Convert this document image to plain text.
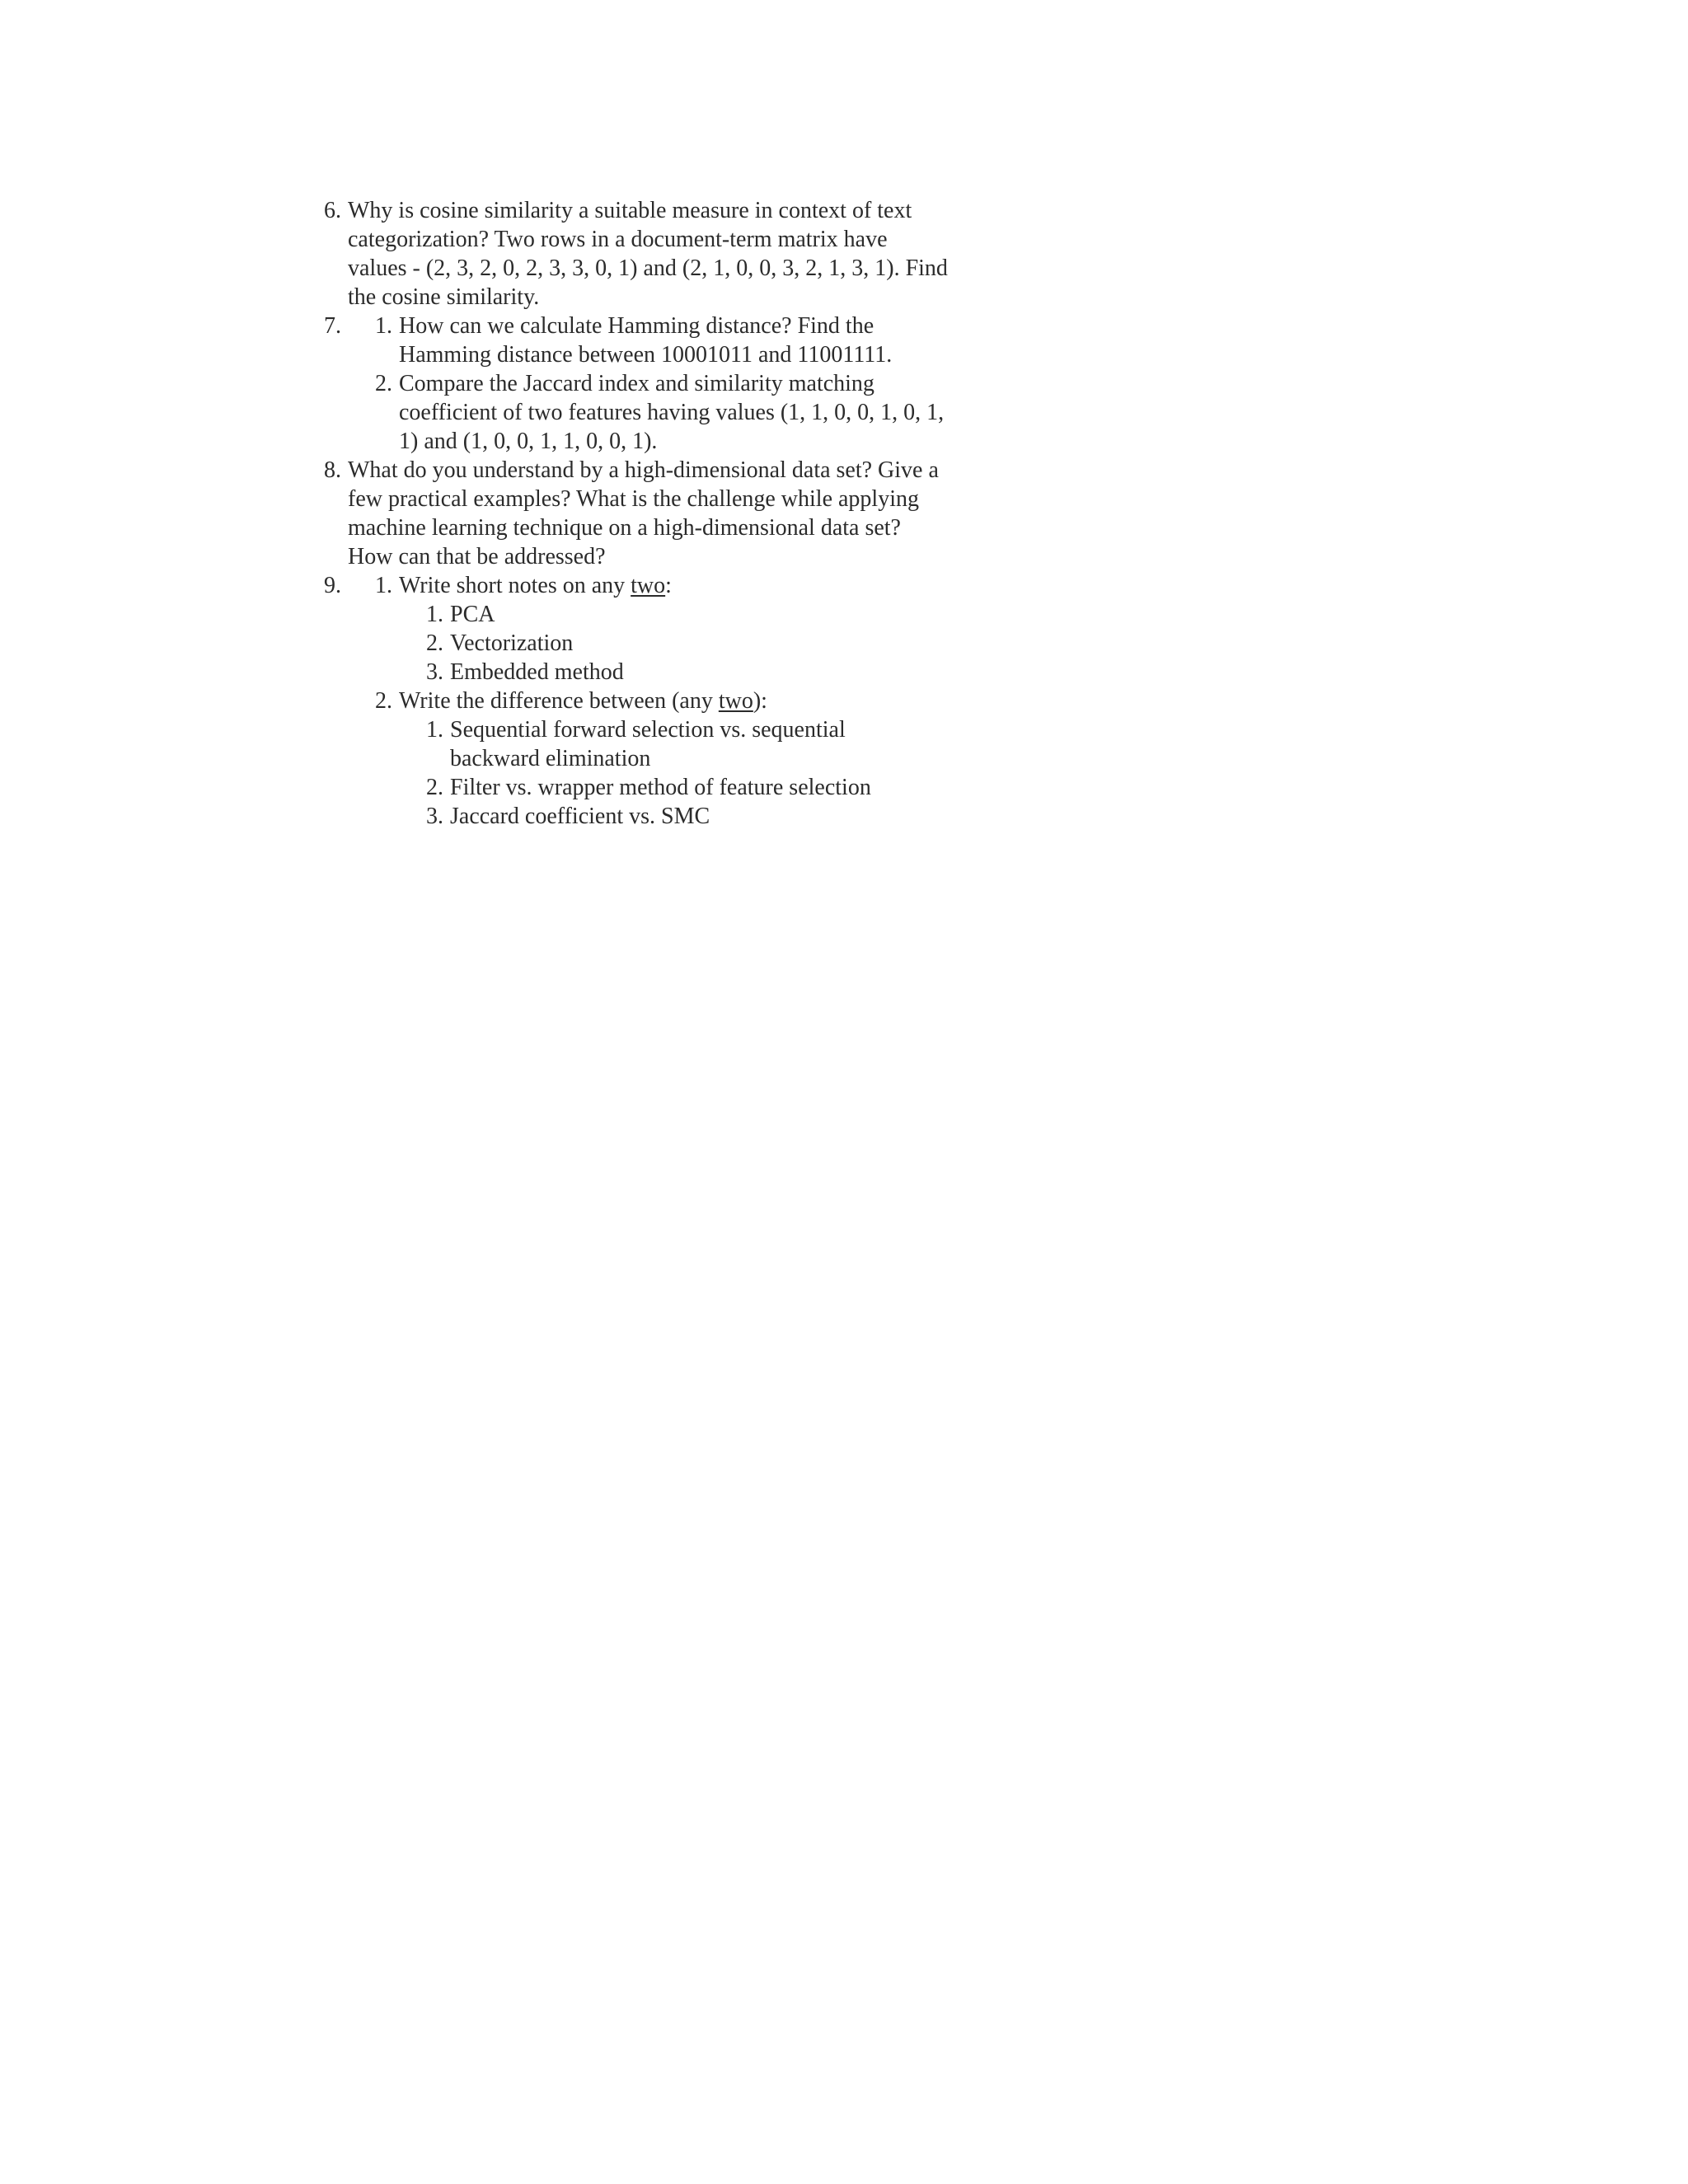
6. Why is cosine similarity a suitable measure in context of text
categorization? Two rows in a document-term matrix have
values - (2, 3, 2, 0, 2, 3, 3, 0, 1) and (2, 1, 0, 0, 3, 2, 1, 3, 1). Find
the cosine similarity.
7.	1. How can we calculate Hamming distance? Find the
Hamming distance between 10001011 and 11001111.
2. Compare the Jaccard index and similarity matching
coefficient of two features having values (1, 1, 0, 0, 1, 0, 1,
1) and (1, 0, 0, 1, 1, 0, 0, 1).
8. What do you understand by a high-dimensional data set? Give a
few practical examples? What is the challenge while applying
machine learning technique on a high-dimensional data set?
How can that be addressed?
9.	1. Write short notes on any two:
1. PCA
2. Vectorization
3. Embedded method
2. Write the difference between (any two):
1. Sequential forward selection vs. sequential
backward elimination
2. Filter vs. wrapper method of feature selection
3. Jaccard coefficient vs. SMC
